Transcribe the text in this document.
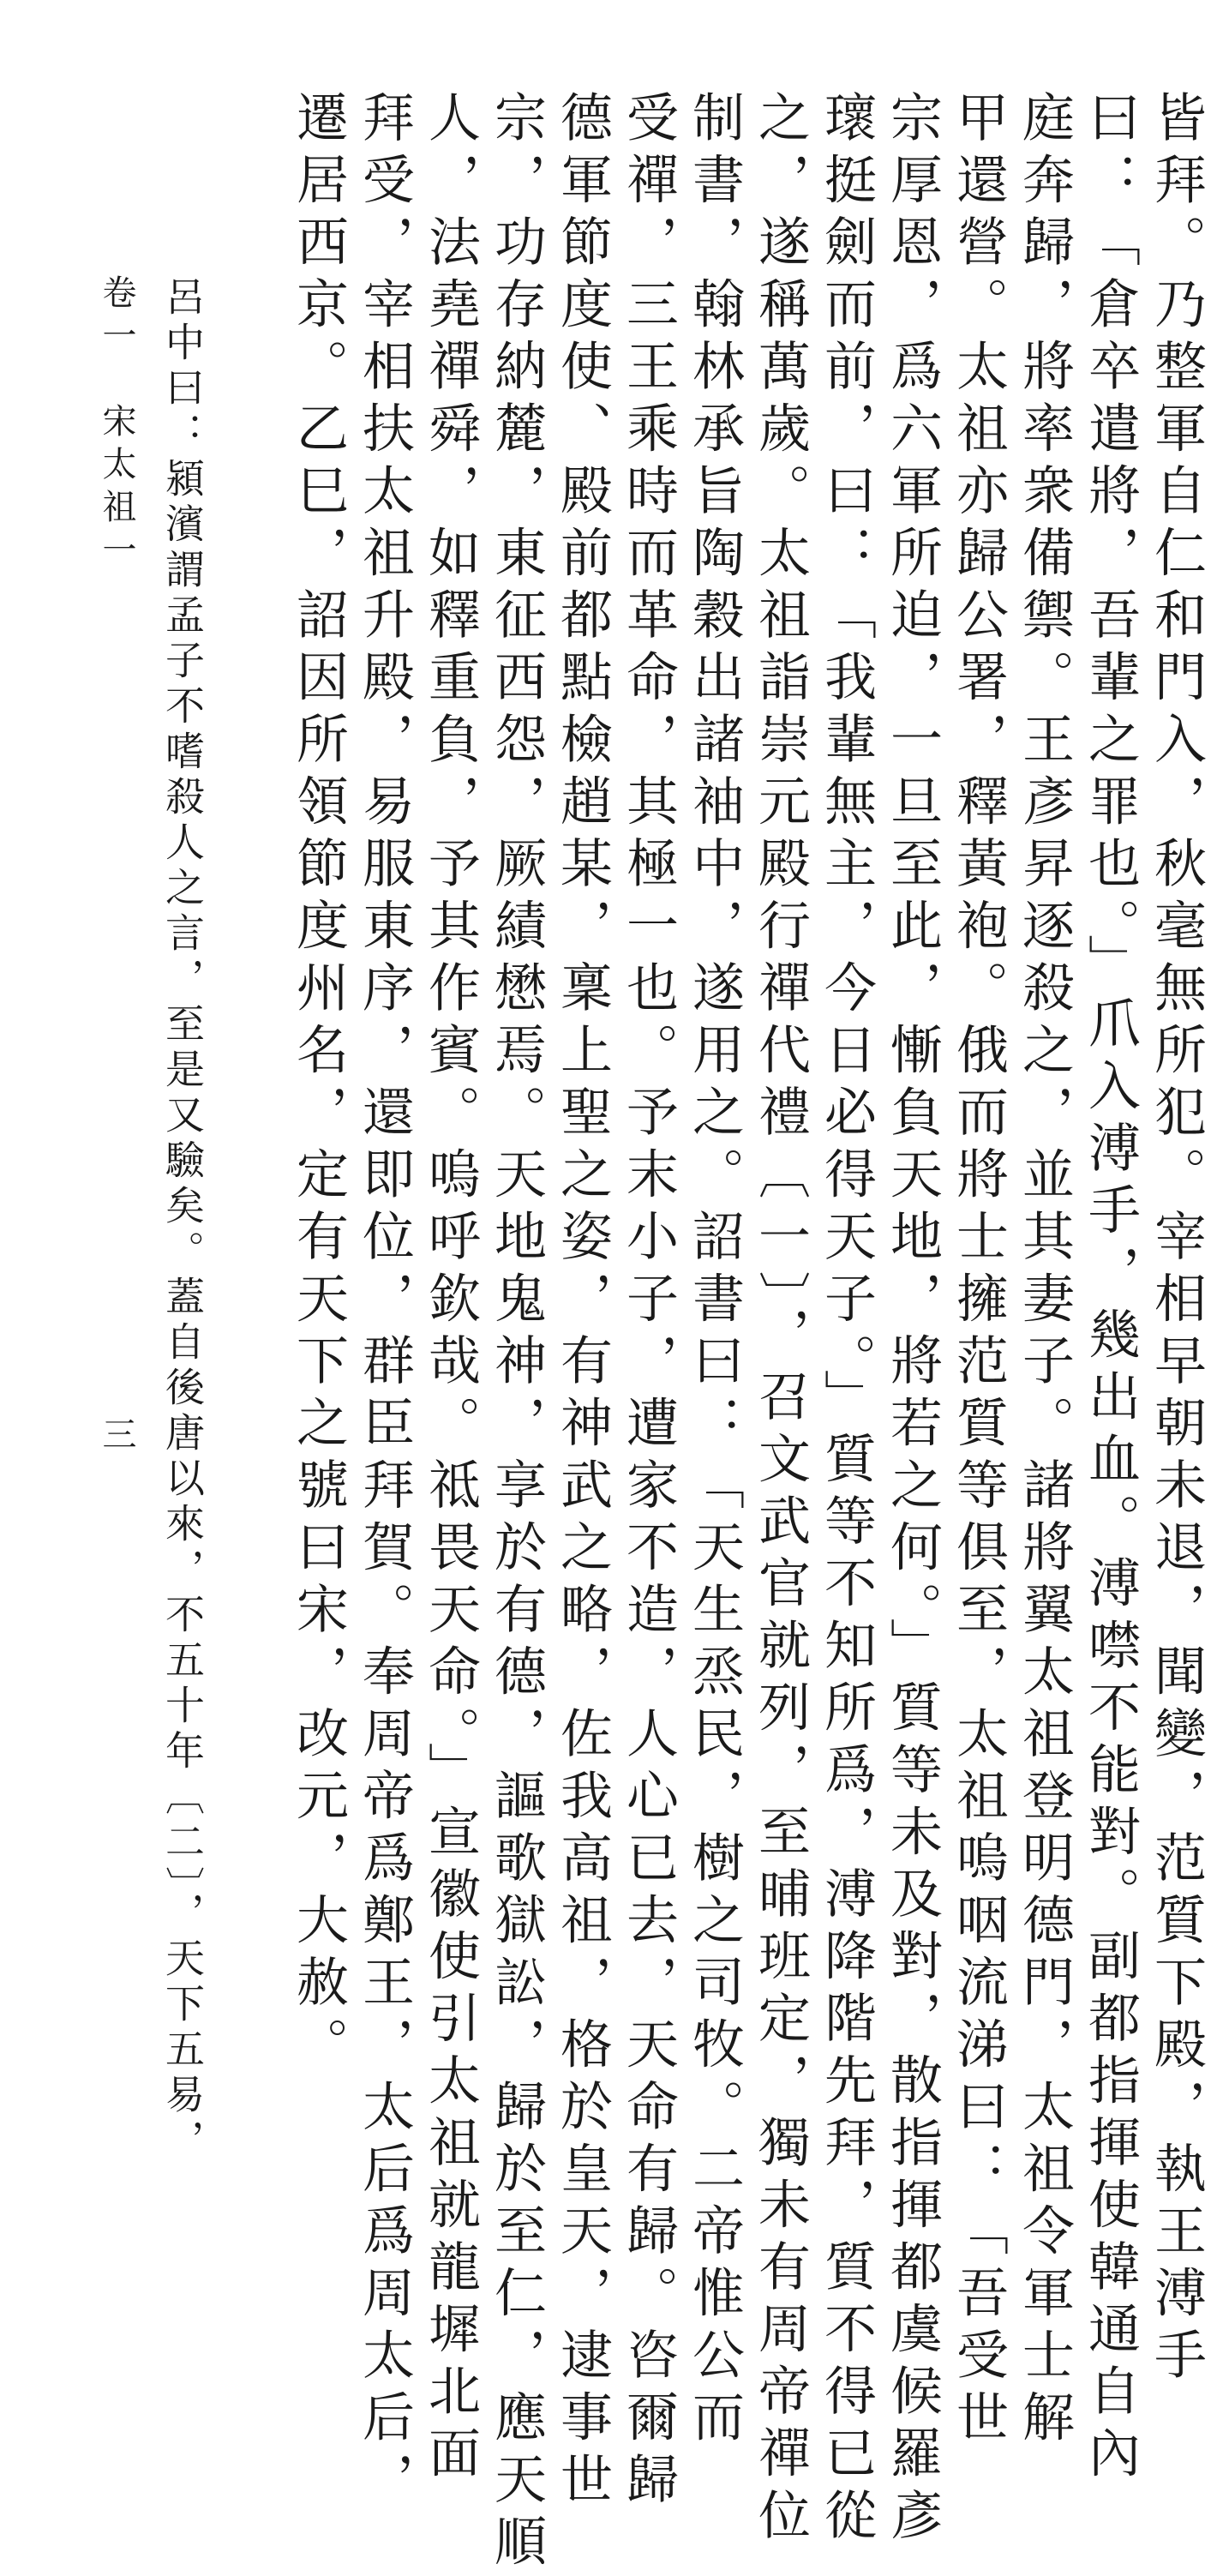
皆拜。乃整軍自仁和門入，秋毫無所犯。宰相早朝未退，聞變，范質下殿，執王溥手
曰：「倉卒遣將，吾輩之罪也。」爪入溥手，幾出血。溥噤不能對。副都指揮使韓通自內
庭奔歸，將率衆備禦。王彥昇逐殺之，並其妻子。諸將翼太祖登明德門，太祖令軍士解
甲還營。太祖亦歸公署，釋黃袍。俄而將士擁范質等俱至，太祖嗚咽流涕曰：「吾受世
宗厚恩，爲六軍所迫，一旦至此，慚負天地，將若之何。」質等未及對，散指揮都虞候羅彥
瓌挺劍而前，曰：「我輩無主，今日必得天子。」質等不知所爲，溥降階先拜，質不得已從
之，遂稱萬歲。太祖詣崇元殿行禪代禮〔一〕，召文武官就列，至晡班定，獨未有周帝禪位
制書，翰林承旨陶穀出諸袖中，遂用之。詔書曰：「天生烝民，樹之司牧。二帝惟公而
受禪，三王乘時而革命，其極一也。予末小子，遭家不造，人心已去，天命有歸。咨爾歸
德軍節度使、殿前都點檢趙某，稟上聖之姿，有神武之略，佐我高祖，格於皇天，逮事世
宗，功存納麓，東征西怨，厥績懋焉。天地鬼神，享於有德，謳歌獄訟，歸於至仁，應天順
人，法堯禪舜，如釋重負，予其作賓。嗚呼欽哉。祗畏天命。」宣徽使引太祖就龍墀北面
拜受，宰相扶太祖升殿，易服東序，還即位，群臣拜賀。奉周帝爲鄭王，太后爲周太后，
遷居西京。乙巳，詔因所領節度州名，定有天下之號曰宋，改元，大赦。
呂中曰：潁濱謂孟子不嗜殺人之言，至是又驗矣。蓋自後唐以來，不五十年〔二〕，天下五易，
卷一　宋太祖一
三
